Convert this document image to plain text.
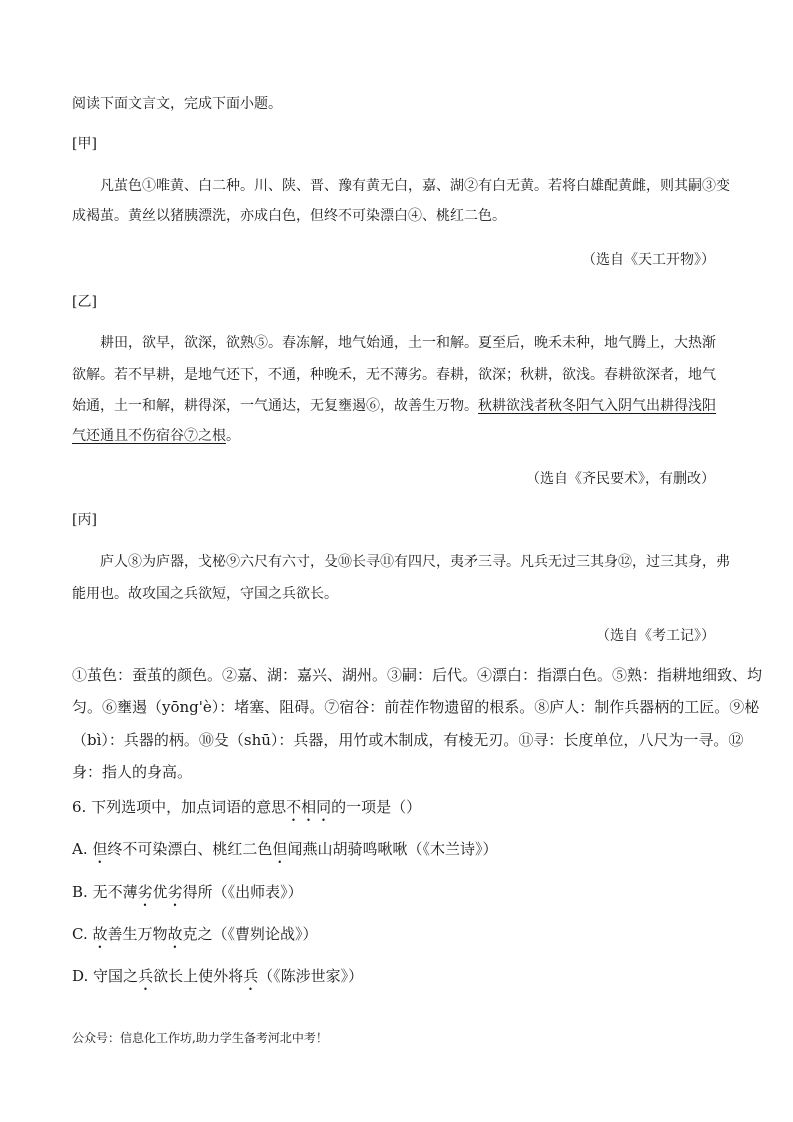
阅读下面文言文，完成下面小题。
[甲]
凡茧色①唯黄、白二种。川、陕、晋、豫有黄无白，嘉、湖②有白无黄。若将白雄配黄雌，则其嗣③变
成褐茧。黄丝以猪胰漂洗，亦成白色，但终不可染漂白④、桃红二色。
（选自《天工开物》）
[乙]
耕田，欲早，欲深，欲熟⑤。春冻解，地气始通，土一和解。夏至后，晚禾未种，地气腾上，大热渐
欲解。若不早耕，是地气还下，不通，种晚禾，无不薄劣。春耕，欲深；秋耕，欲浅。春耕欲深者，地气
始通，土一和解，耕得深，一气通达，无复壅遏⑥，故善生万物。秋耕欲浅者秋冬阳气入阴气出耕得浅阳
气还通且不伤宿谷⑦之根。
（选自《齐民要术》，有删改）
[丙]
庐人⑧为庐器，戈柲⑨六尺有六寸，殳⑩长寻⑪有四尺，夷矛三寻。凡兵无过三其身⑫，过三其身，弗
能用也。故攻国之兵欲短，守国之兵欲长。
（选自《考工记》）
①茧色：蚕茧的颜色。②嘉、湖：嘉兴、湖州。③嗣：后代。④漂白：指漂白色。⑤熟：指耕地细致、均
匀。⑥壅遏（yōng'è）：堵塞、阻碍。⑦宿谷：前茬作物遗留的根系。⑧庐人：制作兵器柄的工匠。⑨柲
（bì）：兵器的柄。⑩殳（shū）：兵器，用竹或木制成，有棱无刃。⑪寻：长度单位，八尺为一寻。⑫
身：指人的身高。
6. 下列选项中，加点词语的意思不相同的一项是（）
A. 但终不可染漂白、桃红二色但闻燕山胡骑鸣啾啾（《木兰诗》）
B. 无不薄劣优劣得所（《出师表》）
C. 故善生万物故克之（《曹刿论战》）
D. 守国之兵欲长上使外将兵（《陈涉世家》）
公众号：信息化工作坊,助力学生备考河北中考！
